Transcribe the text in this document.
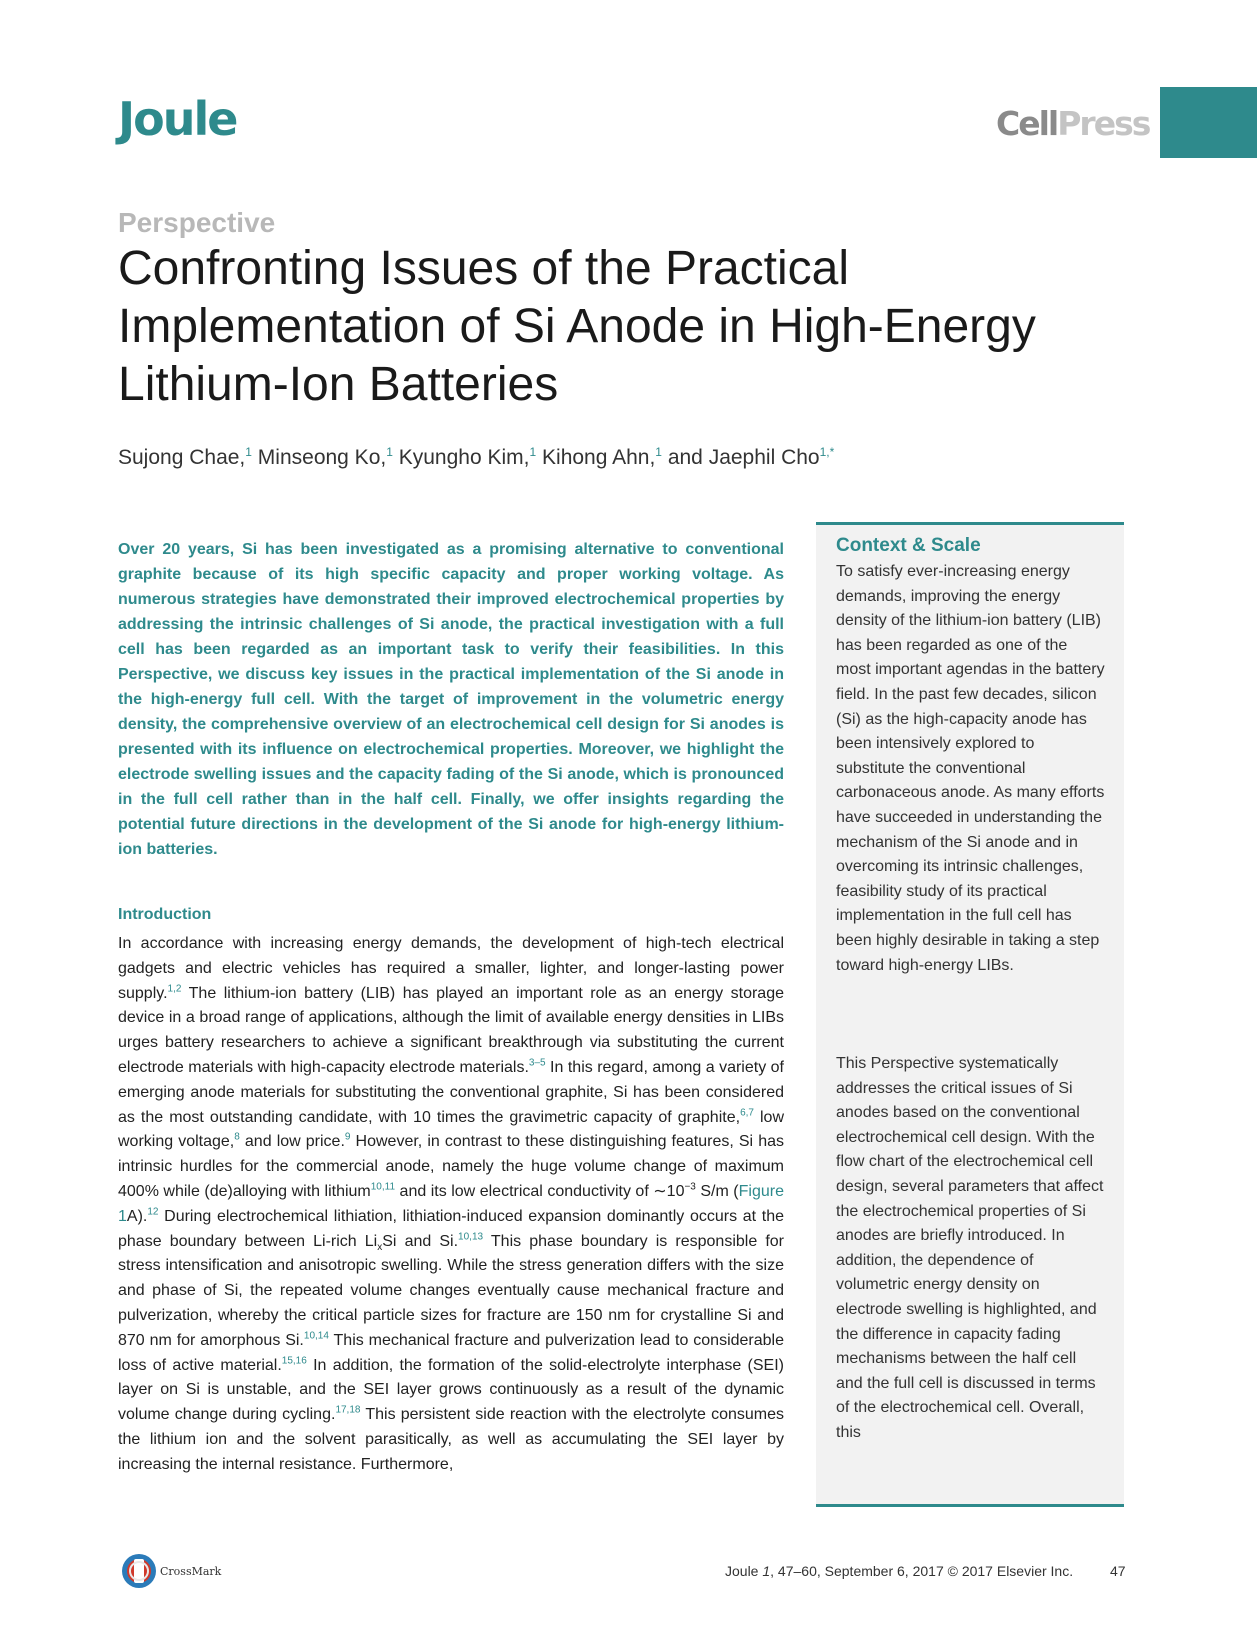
Joule	CellPress
Perspective
Confronting Issues of the Practical Implementation of Si Anode in High-Energy Lithium-Ion Batteries
Sujong Chae,$^1$ Minseong Ko,$^1$ Kyungho Kim,$^1$ Kihong Ahn,$^1$ and Jaephil Cho$^{1,*}$

Over 20 years, Si has been investigated as a promising alternative to conventional graphite because of its high specific capacity and proper working voltage. As numerous strategies have demonstrated their improved electrochemical properties by addressing the intrinsic challenges of Si anode, the practical investigation with a full cell has been regarded as an important task to verify their feasibilities. In this Perspective, we discuss key issues in the practical implementation of the Si anode in the high-energy full cell. With the target of improvement in the volumetric energy density, the comprehensive overview of an electrochemical cell design for Si anodes is presented with its influence on electrochemical properties. Moreover, we highlight the electrode swelling issues and the capacity fading of the Si anode, which is pronounced in the full cell rather than in the half cell. Finally, we offer insights regarding the potential future directions in the development of the Si anode for high-energy lithium-ion batteries.

Introduction

In accordance with increasing energy demands, the development of high-tech electrical gadgets and electric vehicles has required a smaller, lighter, and longer-lasting power supply.$^{1,2}$ The lithium-ion battery (LIB) has played an important role as an energy storage device in a broad range of applications, although the limit of available energy densities in LIBs urges battery researchers to achieve a significant breakthrough via substituting the current electrode materials with high-capacity electrode materials.$^{3-5}$ In this regard, among a variety of emerging anode materials for substituting the conventional graphite, Si has been considered as the most outstanding candidate, with 10 times the gravimetric capacity of graphite,$^{6,7}$ low working voltage,$^8$ and low price.$^9$ However, in contrast to these distinguishing features, Si has intrinsic hurdles for the commercial anode, namely the huge volume change of maximum 400% while (de)alloying with lithium$^{10,11}$ and its low electrical conductivity of $\sim 10^{-3}$ S/m (Figure 1A).$^{12}$ During electrochemical lithiation, lithiation-induced expansion dominantly occurs at the phase boundary between Li-rich $Li_xSi$ and Si.$^{10,13}$ This phase boundary is responsible for stress intensification and anisotropic swelling. While the stress generation differs with the size and phase of Si, the repeated volume changes eventually cause mechanical fracture and pulverization, whereby the critical particle sizes for fracture are 150 nm for crystalline Si and 870 nm for amorphous Si.$^{10,14}$ This mechanical fracture and pulverization lead to considerable loss of active material.$^{15,16}$ In addition, the formation of the solid-electrolyte interphase (SEI) layer on Si is unstable, and the SEI layer grows continuously as a result of the dynamic volume change during cycling.$^{17,18}$ This persistent side reaction with the electrolyte consumes the lithium ion and the solvent parasitically, as well as accumulating the SEI layer by increasing the internal resistance. Furthermore,

Context & Scale

To satisfy ever-increasing energy demands, improving the energy density of the lithium-ion battery (LIB) has been regarded as one of the most important agendas in the battery field. In the past few decades, silicon (Si) as the high-capacity anode has been intensively explored to substitute the conventional carbonaceous anode. As many efforts have succeeded in understanding the mechanism of the Si anode and in overcoming its intrinsic challenges, feasibility study of its practical implementation in the full cell has been highly desirable in taking a step toward high-energy LIBs.

This Perspective systematically addresses the critical issues of Si anodes based on the conventional electrochemical cell design. With the flow chart of the electrochemical cell design, several parameters that affect the electrochemical properties of Si anodes are briefly introduced. In addition, the dependence of volumetric energy density on electrode swelling is highlighted, and the difference in capacity fading mechanisms between the half cell and the full cell is discussed in terms of the electrochemical cell. Overall, this

CrossMark	Joule 1, 47–60, September 6, 2017 © 2017 Elsevier Inc.	47
